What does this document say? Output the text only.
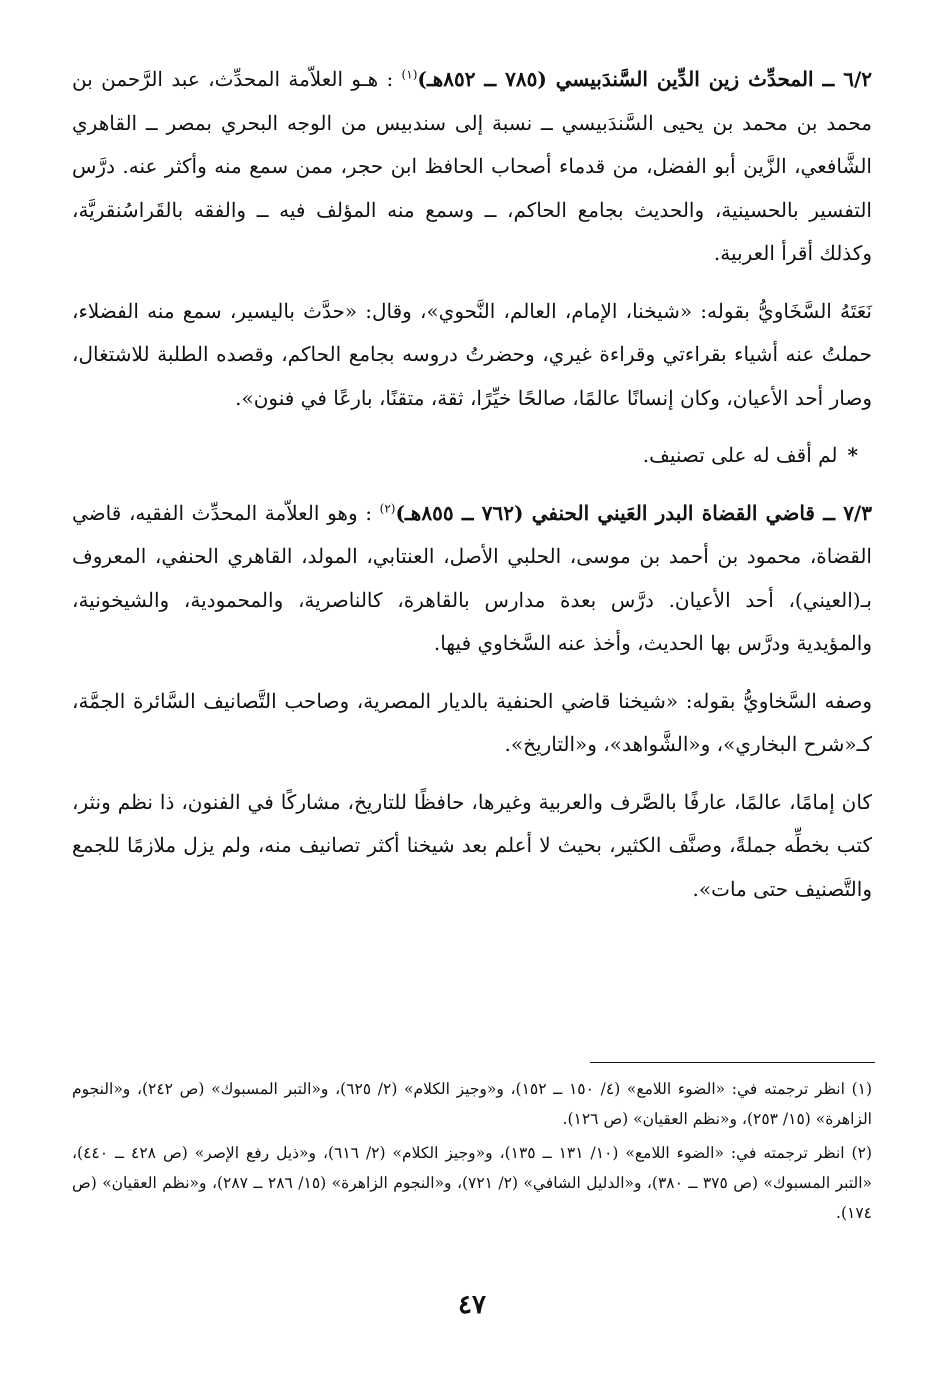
٦/٢ ــ المحدِّث زين الدِّين السَّندَبيسي (٧٨٥ ــ ٨٥٢هـ)$^{(١)}$ : هـو العلاّمة المحدِّث، عبد الرَّحمن بن محمد بن محمد بن يحيى السَّندَبيسي ــ نسبة إلى سندبيس من الوجه البحري بمصر ــ القاهري الشَّافعي، الزَّين أبو الفضل، من قدماء أصحاب الحافظ ابن حجر، ممن سمع منه وأكثر عنه. درَّس التفسير بالحسينية، والحديث بجامع الحاكم، ــ وسمع منه المؤلف فيه ــ والفقه بالقَراسُنقريَّة، وكذلك أقرأ العربية.

نَعَتَهُ السَّخَاويُّ بقوله: «شيخنا، الإمام، العالم، النَّحوي»، وقال: «حدَّث باليسير، سمع منه الفضلاء، حملتُ عنه أشياء بقراءتي وقراءة غيري، وحضرتُ دروسه بجامع الحاكم، وقصده الطلبة للاشتغال، وصار أحد الأعيان، وكان إنسانًا عالمًا، صالحًا خيِّرًا، ثقة، متقنًا، بارعًا في فنون».

*لم أقف له على تصنيف.

٧/٣ ــ قاضي القضاة البدر العَيني الحنفي (٧٦٢ ــ ٨٥٥هـ)$^{(٢)}$ : وهو العلاّمة المحدِّث الفقيه، قاضي القضاة، محمود بن أحمد بن موسى، الحلبي الأصل، العنتابي، المولد، القاهري الحنفي، المعروف بـ(العيني)، أحد الأعيان. درَّس بعدة مدارس بالقاهرة، كالناصرية، والمحمودية، والشيخونية، والمؤيدية ودرَّس بها الحديث، وأخذ عنه السَّخاوي فيها.

وصفه السَّخاويُّ بقوله: «شيخنا قاضي الحنفية بالديار المصرية، وصاحب التَّصانيف السَّائرة الجمَّة، كـ«شرح البخاري»، و«الشَّواهد»، و«التاريخ».

كان إمامًا، عالمًا، عارفًا بالصَّرف والعربية وغيرها، حافظًا للتاريخ، مشاركًا في الفنون، ذا نظم ونثر، كتب بخطِّه جملةً، وصنَّف الكثير، بحيث لا أعلم بعد شيخنا أكثر تصانيف منه، ولم يزل ملازمًا للجمع والتَّصنيف حتى مات».

(١) انظر ترجمته في: «الضوء اللامع» (٤/ ١٥٠ ــ ١٥٢)، و«وجيز الكلام» (٢/ ٦٢٥)، و«التبر المسبوك» (ص ٢٤٢)، و«النجوم الزاهرة» (١٥/ ٢٥٣)، و«نظم العقيان» (ص ١٢٦).

(٢) انظر ترجمته في: «الضوء اللامع» (١٠/ ١٣١ ــ ١٣٥)، و«وجيز الكلام» (٢/ ٦١٦)، و«ذيل رفع الإصر» (ص ٤٢٨ ــ ٤٤٠)، «التبر المسبوك» (ص ٣٧٥ ــ ٣٨٠)، و«الدليل الشافي» (٢/ ٧٢١)، و«النجوم الزاهرة» (١٥/ ٢٨٦ ــ ٢٨٧)، و«نظم العقيان» (ص ١٧٤).

٤٧
